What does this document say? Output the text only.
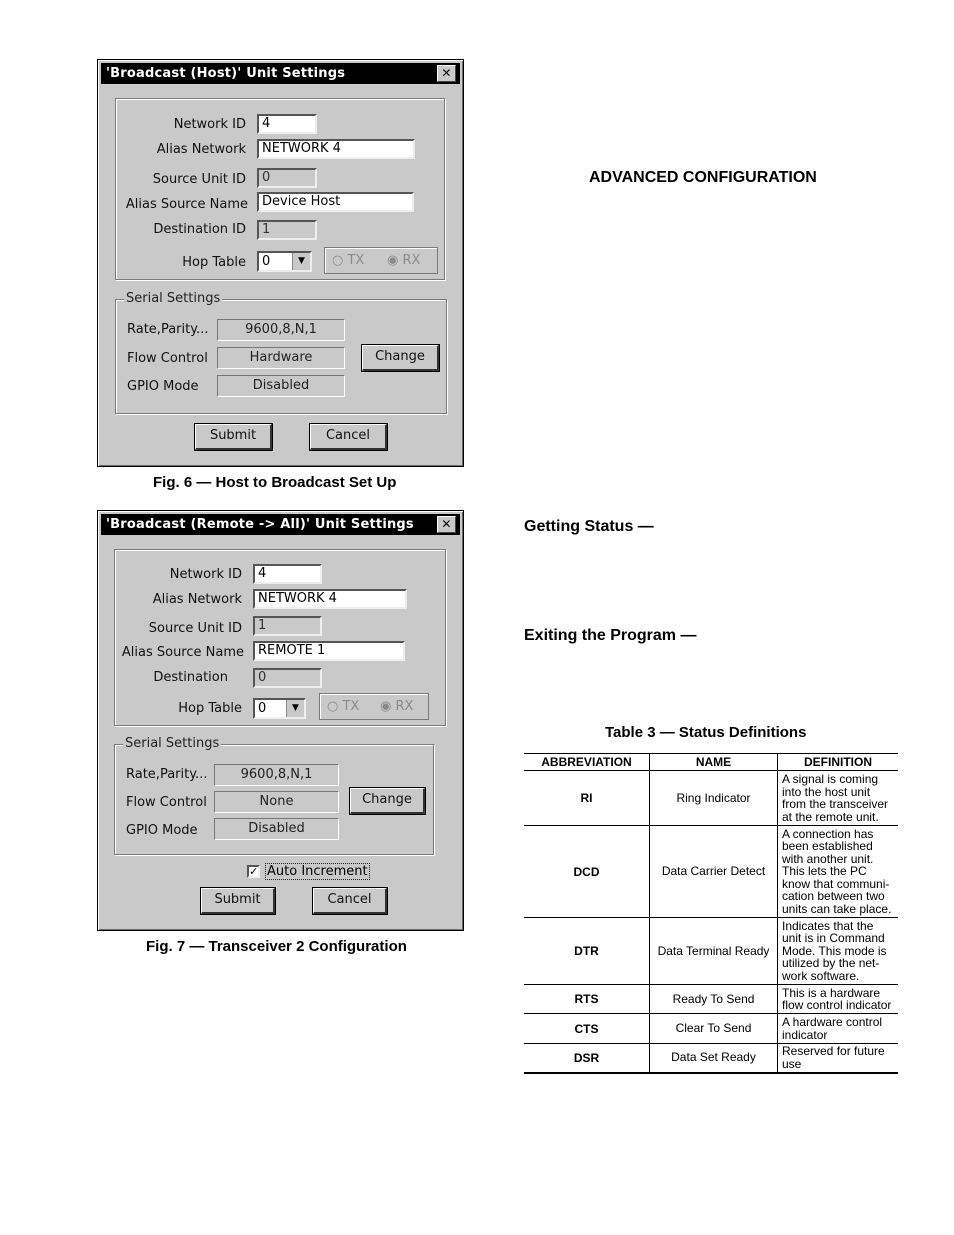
'Broadcast (Host)' Unit Settings	✕
Network ID	4
Alias Network	NETWORK 4
Source Unit ID	0
Alias Source Name	Device Host
Destination ID	1
Hop Table	0	▼	○ TX ◉ RX
Serial Settings
Rate,Parity...	9600,8,N,1
Flow Control	Hardware
GPIO Mode	Disabled
Change
Submit	Cancel
Fig. 6 — Host to Broadcast Set Up
'Broadcast (Remote -> All)' Unit Settings	✕
Network ID	4
Alias Network	NETWORK 4
Source Unit ID	1
Alias Source Name	REMOTE 1
Destination	0
Hop Table	0	▼	○ TX ◉ RX
Serial Settings
Rate,Parity...	9600,8,N,1
Flow Control	None
GPIO Mode	Disabled
Change
✓ Auto Increment
Submit	Cancel
Fig. 7 — Transceiver 2 Configuration
ADVANCED CONFIGURATION
Getting Status —
Exiting the Program —
Table 3 — Status Definitions
ABBREVIATION	NAME	DEFINITION
RI	Ring Indicator	A signal is coming into the host unit from the transceiver at the remote unit.
DCD	Data Carrier Detect	A connection has been established with another unit. This lets the PC know that communi-cation between two units can take place.
DTR	Data Terminal Ready	Indicates that the unit is in Command Mode. This mode is utilized by the net-work software.
RTS	Ready To Send	This is a hardware flow control indicator
CTS	Clear To Send	A hardware control indicator
DSR	Data Set Ready	Reserved for future use
